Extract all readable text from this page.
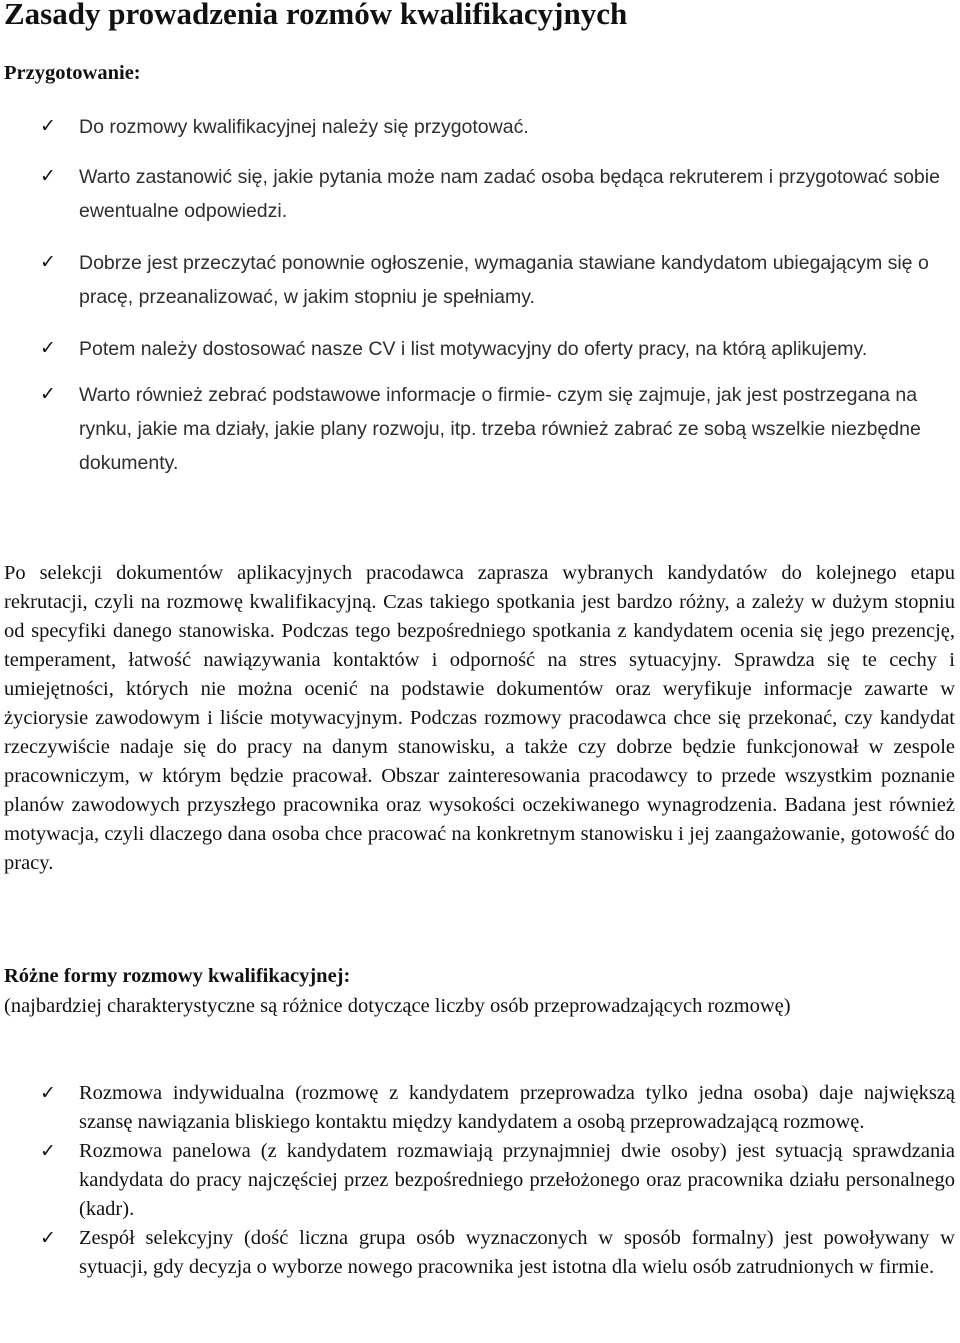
Zasady prowadzenia rozmów kwalifikacyjnych
Przygotowanie:
✓ Do rozmowy kwalifikacyjnej należy się przygotować.
✓ Warto zastanowić się, jakie pytania może nam zadać osoba będąca rekruterem i przygotować sobie ewentualne odpowiedzi.
✓ Dobrze jest przeczytać ponownie ogłoszenie, wymagania stawiane kandydatom ubiegającym się o pracę, przeanalizować, w jakim stopniu je spełniamy.
✓ Potem należy dostosować nasze CV i list motywacyjny do oferty pracy, na którą aplikujemy.
✓ Warto również zebrać podstawowe informacje o firmie- czym się zajmuje, jak jest postrzegana na rynku, jakie ma działy, jakie plany rozwoju, itp. trzeba również zabrać ze sobą wszelkie niezbędne dokumenty.

Po selekcji dokumentów aplikacyjnych pracodawca zaprasza wybranych kandydatów do kolejnego etapu rekrutacji, czyli na rozmowę kwalifikacyjną. Czas takiego spotkania jest bardzo różny, a zależy w dużym stopniu od specyfiki danego stanowiska. Podczas tego bezpośredniego spotkania z kandydatem ocenia się jego prezencję, temperament, łatwość nawiązywania kontaktów i odporność na stres sytuacyjny. Sprawdza się te cechy i umiejętności, których nie można ocenić na podstawie dokumentów oraz weryfikuje informacje zawarte w życiorysie zawodowym i liście motywacyjnym. Podczas rozmowy pracodawca chce się przekonać, czy kandydat rzeczywiście nadaje się do pracy na danym stanowisku, a także czy dobrze będzie funkcjonował w zespole pracowniczym, w którym będzie pracował. Obszar zainteresowania pracodawcy to przede wszystkim poznanie planów zawodowych przyszłego pracownika oraz wysokości oczekiwanego wynagrodzenia. Badana jest również motywacja, czyli dlaczego dana osoba chce pracować na konkretnym stanowisku i jej zaangażowanie, gotowość do pracy.

Różne formy rozmowy kwalifikacyjnej:

(najbardziej charakterystyczne są różnice dotyczące liczby osób przeprowadzających rozmowę)

✓ Rozmowa indywidualna (rozmowę z kandydatem przeprowadza tylko jedna osoba) daje największą szansę nawiązania bliskiego kontaktu między kandydatem a osobą przeprowadzającą rozmowę.
✓ Rozmowa panelowa (z kandydatem rozmawiają przynajmniej dwie osoby) jest sytuacją sprawdzania kandydata do pracy najczęściej przez bezpośredniego przełożonego oraz pracownika działu personalnego (kadr).
✓ Zespół selekcyjny (dość liczna grupa osób wyznaczonych w sposób formalny) jest powoływany w sytuacji, gdy decyzja o wyborze nowego pracownika jest istotna dla wielu osób zatrudnionych w firmie.
